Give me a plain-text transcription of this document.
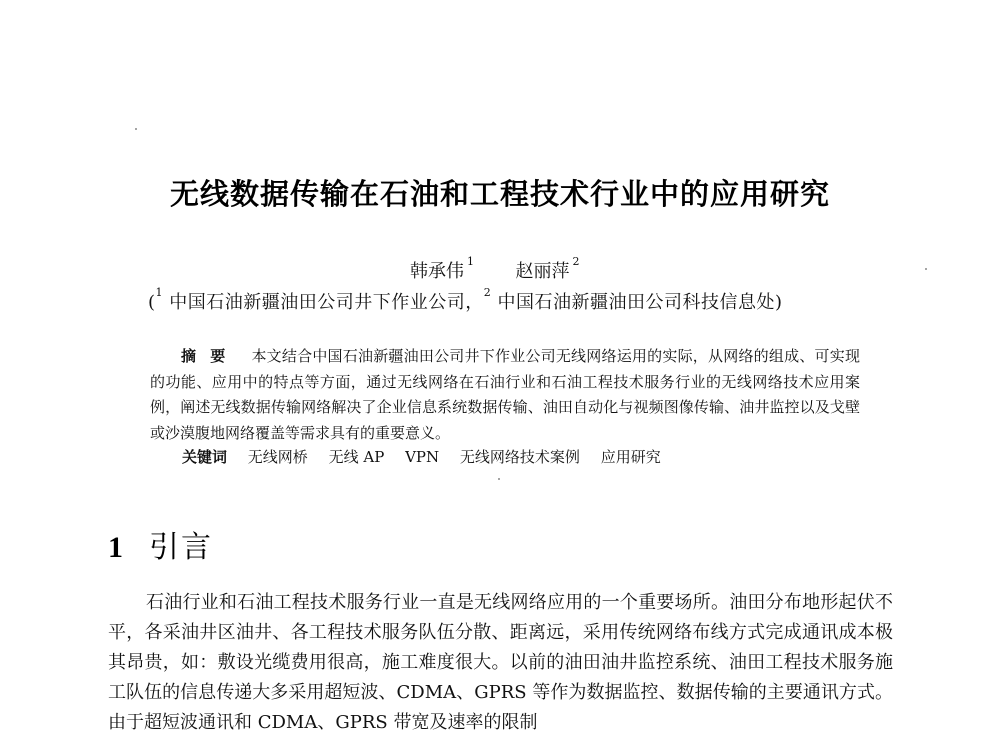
无线数据传输在石油和工程技术行业中的应用研究
韩承伟 $^1$ 赵丽萍 $^2$
($^1$ 中国石油新疆油田公司井下作业公司，$^2$ 中国石油新疆油田公司科技信息处)
摘要 本文结合中国石油新疆油田公司井下作业公司无线网络运用的实际，从网络的组成、可实现的功能、应用中的特点等方面，通过无线网络在石油行业和石油工程技术服务行业的无线网络技术应用案例，阐述无线数据传输网络解决了企业信息系统数据传输、油田自动化与视频图像传输、油井监控以及戈壁或沙漠腹地网络覆盖等需求具有的重要意义。
关键词 无线网桥 无线 AP VPN 无线网络技术案例 应用研究
1 引言

石油行业和石油工程技术服务行业一直是无线网络应用的一个重要场所。油田分布地形起伏不平，各采油井区油井、各工程技术服务队伍分散、距离远，采用传统网络布线方式完成通讯成本极其昂贵，如：敷设光缆费用很高，施工难度很大。以前的油田油井监控系统、油田工程技术服务施工队伍的信息传递大多采用超短波、CDMA、GPRS 等作为数据监控、数据传输的主要通讯方式。由于超短波通讯和 CDMA、GPRS 带宽及速率的限制
